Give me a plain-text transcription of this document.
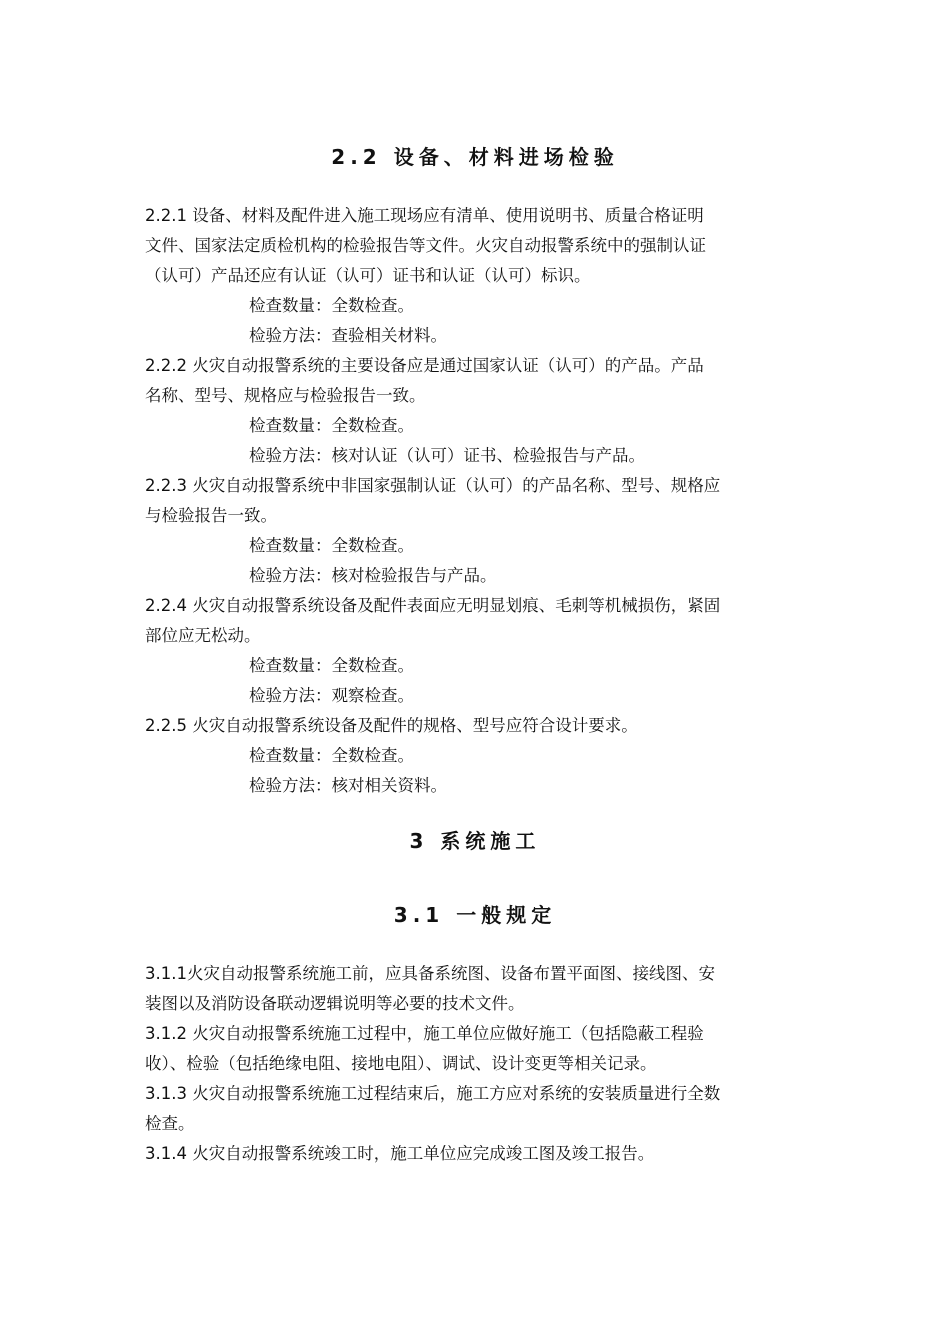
2.2 设备、材料进场检验
2.2.1 设备、材料及配件进入施工现场应有清单、使用说明书、质量合格证明
文件、国家法定质检机构的检验报告等文件。火灾自动报警系统中的强制认证
（认可）产品还应有认证（认可）证书和认证（认可）标识。
检查数量：全数检查。
检验方法：查验相关材料。
2.2.2 火灾自动报警系统的主要设备应是通过国家认证（认可）的产品。产品
名称、型号、规格应与检验报告一致。
检查数量：全数检查。
检验方法：核对认证（认可）证书、检验报告与产品。
2.2.3 火灾自动报警系统中非国家强制认证（认可）的产品名称、型号、规格应
与检验报告一致。
检查数量：全数检查。
检验方法：核对检验报告与产品。
2.2.4 火灾自动报警系统设备及配件表面应无明显划痕、毛刺等机械损伤，紧固
部位应无松动。
检查数量：全数检查。
检验方法：观察检查。
2.2.5 火灾自动报警系统设备及配件的规格、型号应符合设计要求。
检查数量：全数检查。
检验方法：核对相关资料。
3 系统施工
3.1 一般规定
3.1.1火灾自动报警系统施工前，应具备系统图、设备布置平面图、接线图、安
装图以及消防设备联动逻辑说明等必要的技术文件。
3.1.2 火灾自动报警系统施工过程中，施工单位应做好施工（包括隐蔽工程验
收）、检验（包括绝缘电阻、接地电阻）、调试、设计变更等相关记录。
3.1.3 火灾自动报警系统施工过程结束后，施工方应对系统的安装质量进行全数
检查。
3.1.4 火灾自动报警系统竣工时，施工单位应完成竣工图及竣工报告。
